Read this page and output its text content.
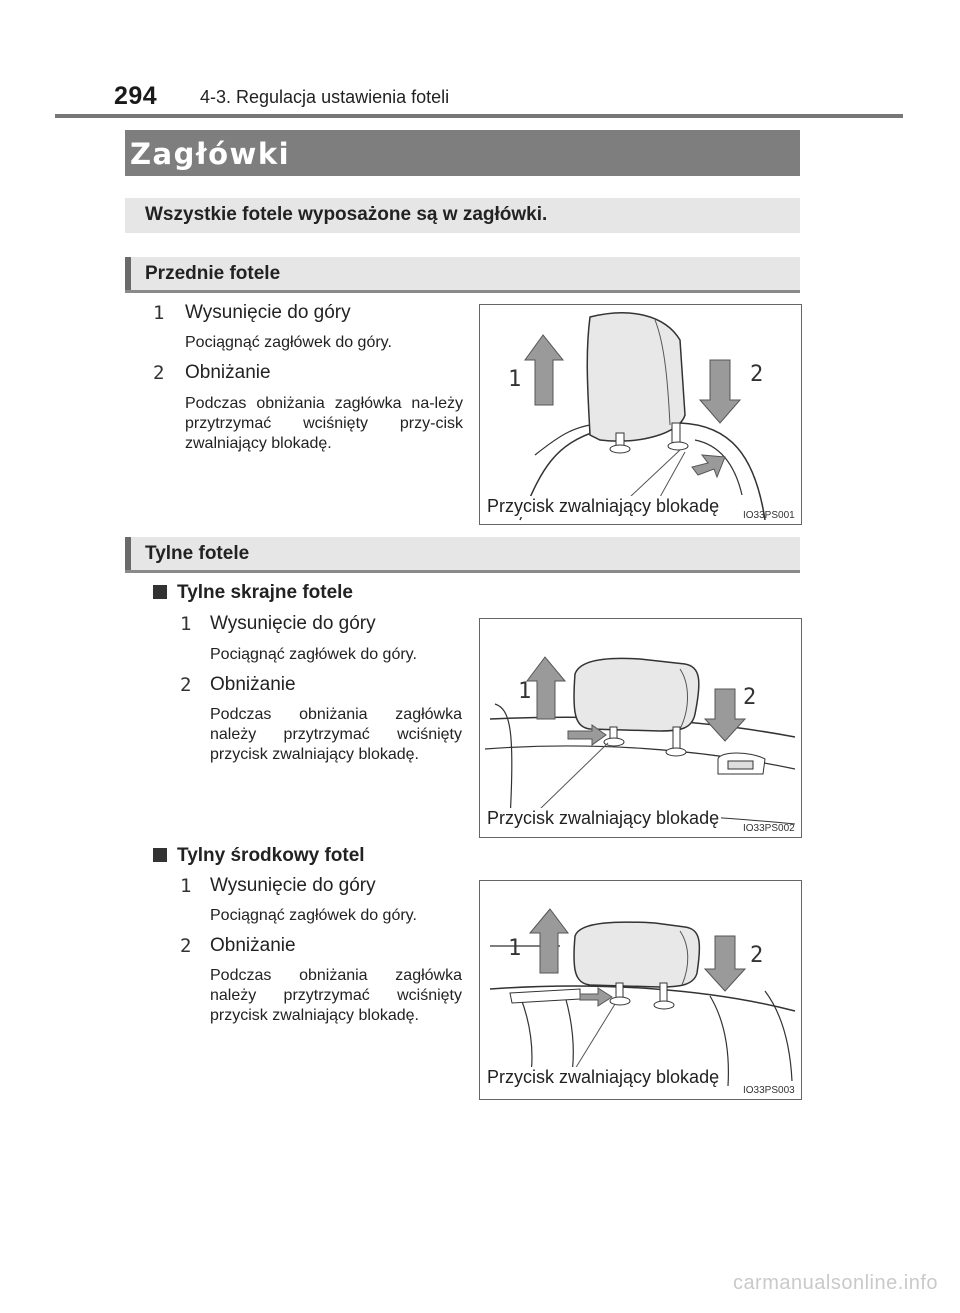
294 4-3. Regulacja ustawienia foteli
Zagłówki
Wszystkie fotele wyposażone są w zagłówki.
Przednie fotele
1 Wysunięcie do góry
Pociągnąć zagłówek do góry.
2 Obniżanie
Podczas obniżania zagłówka na-leży przytrzymać wciśnięty przy-cisk zwalniający blokadę.
1	2
Przycisk zwalniający blokadę IO33PS001
Tylne fotele
Tylne skrajne fotele
1 Wysunięcie do góry
Pociągnąć zagłówek do góry.
2 Obniżanie
Podczas obniżania zagłówka należy przytrzymać wciśnięty przycisk zwalniający blokadę.
1	2
Przycisk zwalniający blokadę
IO33PS002
Tylny środkowy fotel
1 Wysunięcie do góry
Pociągnąć zagłówek do góry.
2 Obniżanie
Podczas obniżania zagłówka należy przytrzymać wciśnięty przycisk zwalniający blokadę.
1	2
Przycisk zwalniający blokadę
IO33PS003
carmanualsonline.info
